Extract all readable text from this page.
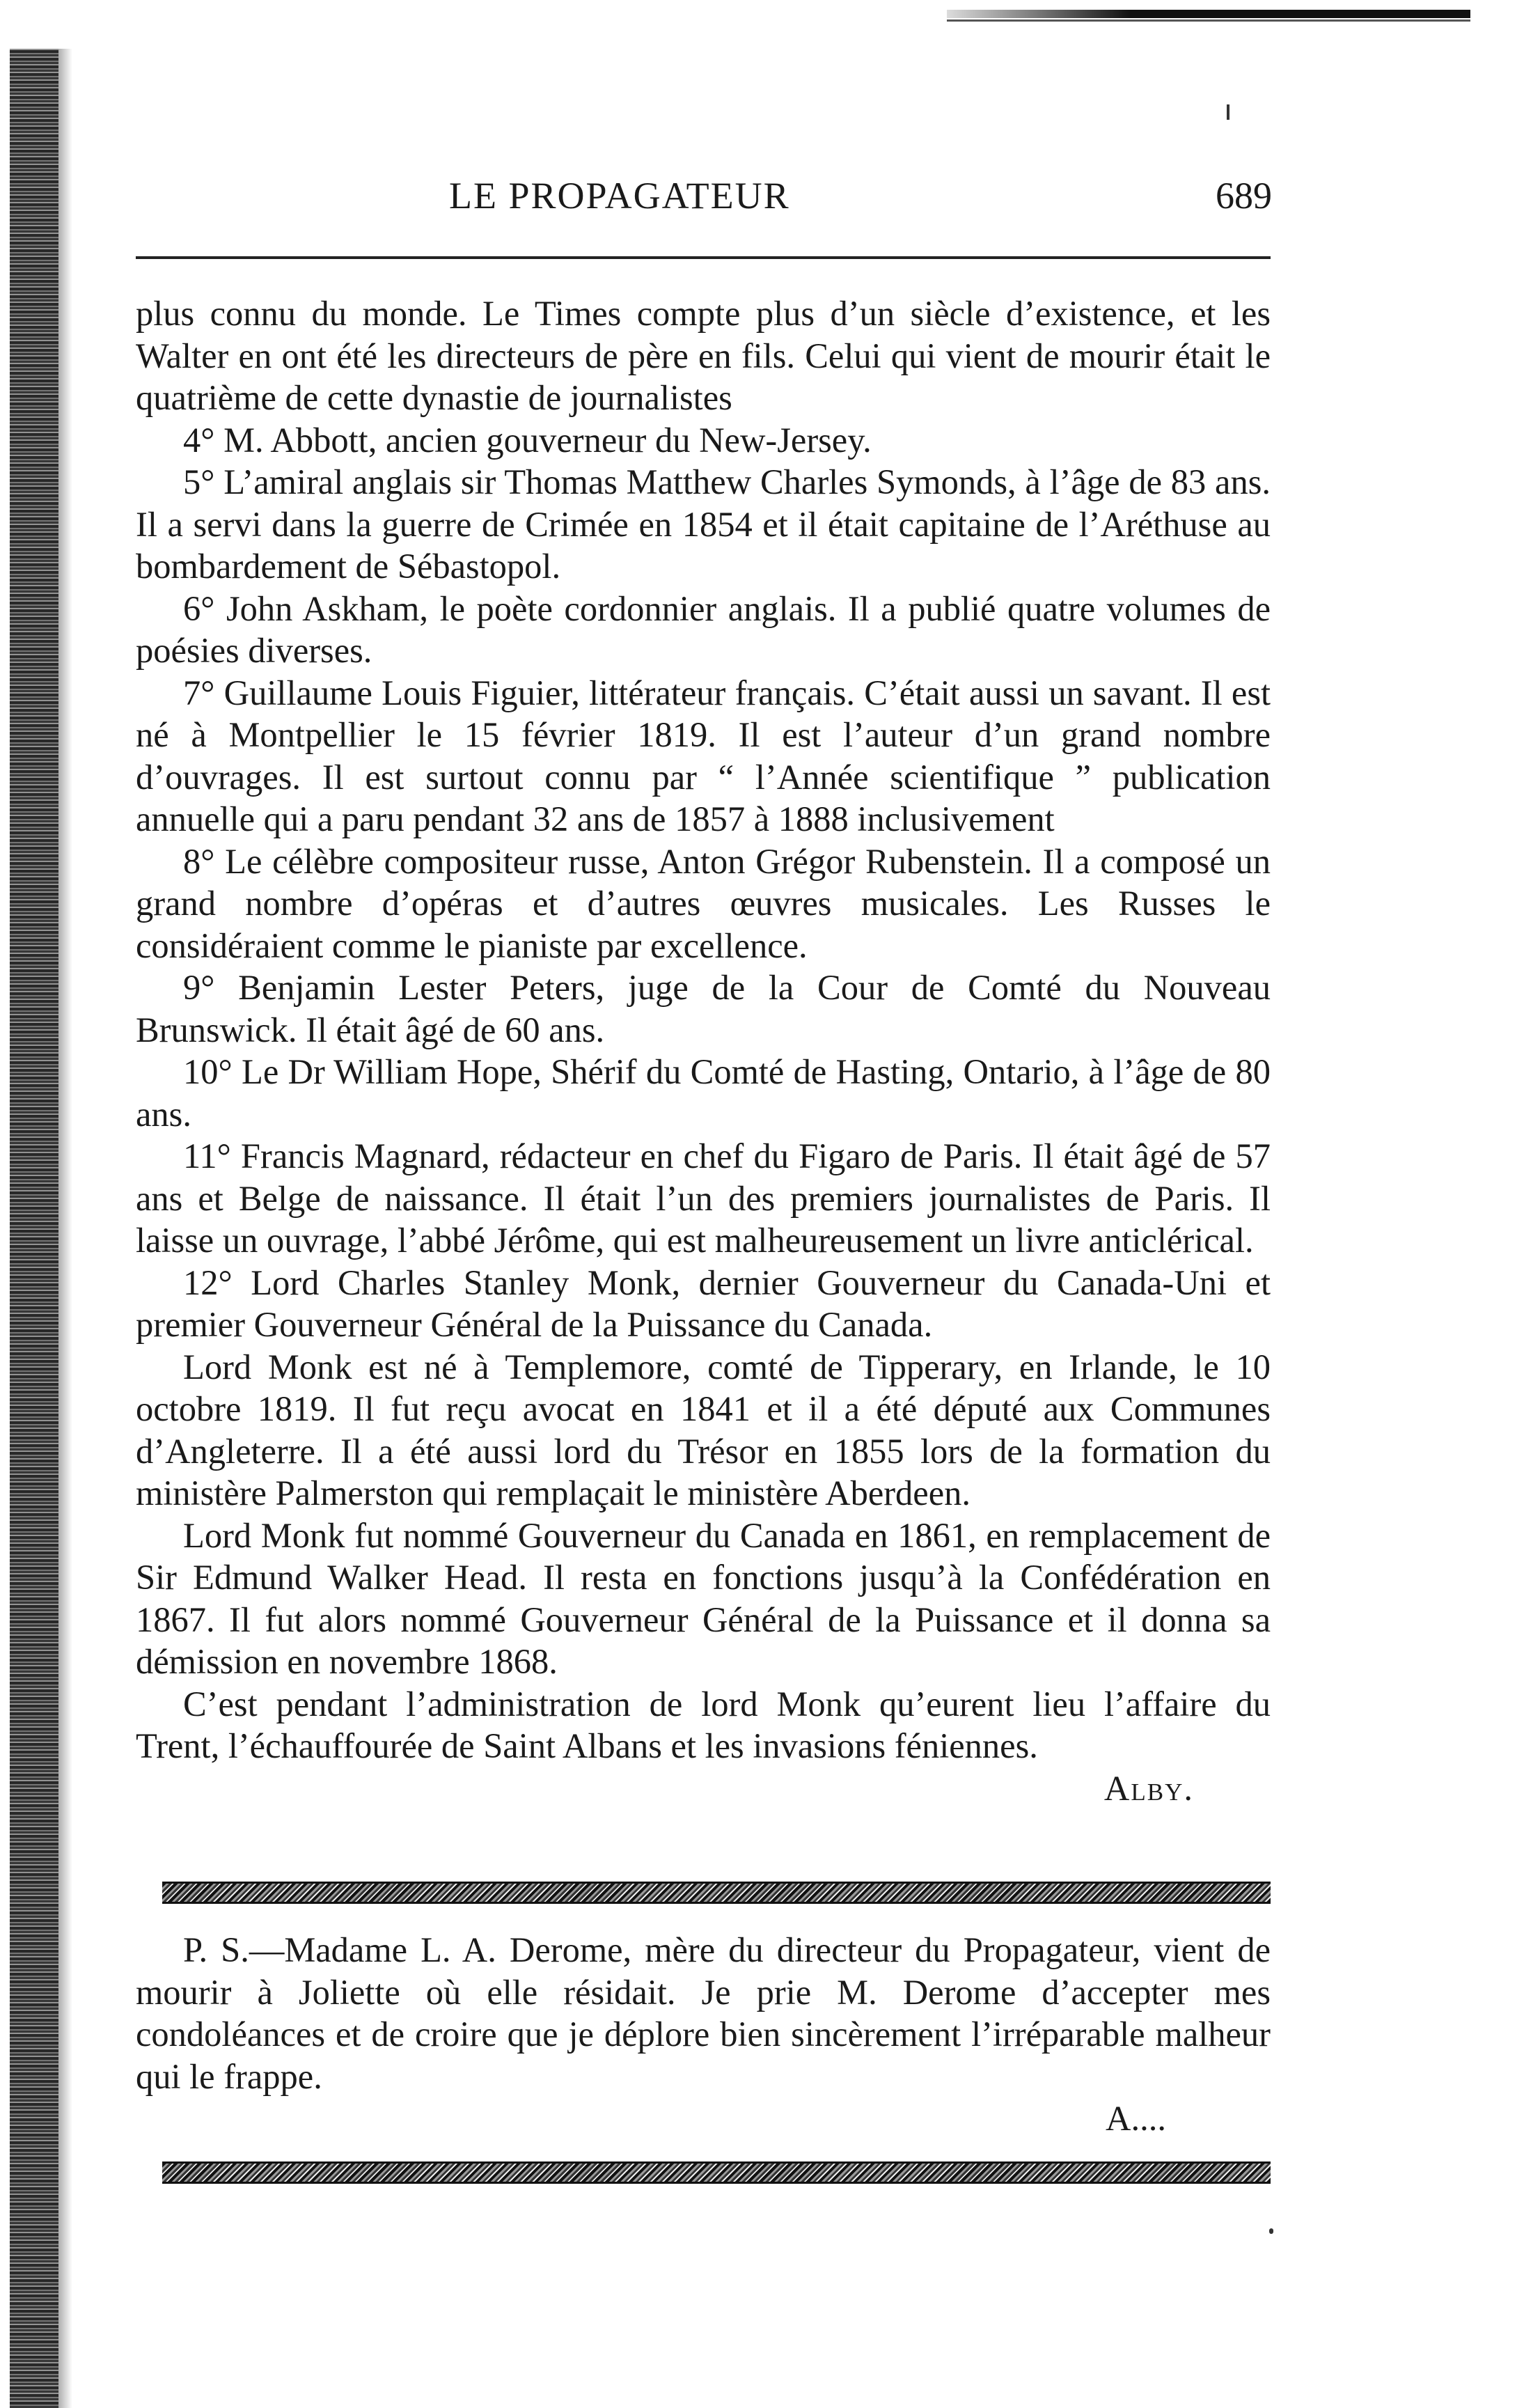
LE PROPAGATEUR	689

plus connu du monde. Le Times compte plus d’un siècle d’existence, et les Walter en ont été les directeurs de père en fils. Celui qui vient de mourir était le quatrième de cette dynastie de journalistes

4° M. Abbott, ancien gouverneur du New-Jersey.

5° L’amiral anglais sir Thomas Matthew Charles Symonds, à l’âge de 83 ans. Il a servi dans la guerre de Crimée en 1854 et il était capitaine de l’Aréthuse au bombardement de Sébastopol.

6° John Askham, le poète cordonnier anglais. Il a publié quatre volumes de poésies diverses.

7° Guillaume Louis Figuier, littérateur français. C’était aussi un savant. Il est né à Montpellier le 15 février 1819. Il est l’auteur d’un grand nombre d’ouvrages. Il est surtout connu par “ l’Année scientifique ” publication annuelle qui a paru pendant 32 ans de 1857 à 1888 inclusivement

8° Le célèbre compositeur russe, Anton Grégor Rubenstein. Il a composé un grand nombre d’opéras et d’autres œuvres musicales. Les Russes le considéraient comme le pianiste par excellence.

9° Benjamin Lester Peters, juge de la Cour de Comté du Nouveau Brunswick. Il était âgé de 60 ans.

10° Le Dr William Hope, Shérif du Comté de Hasting, Ontario, à l’âge de 80 ans.

11° Francis Magnard, rédacteur en chef du Figaro de Paris. Il était âgé de 57 ans et Belge de naissance. Il était l’un des premiers journalistes de Paris. Il laisse un ouvrage, l’abbé Jérôme, qui est malheureusement un livre anticlérical.

12° Lord Charles Stanley Monk, dernier Gouverneur du Canada-Uni et premier Gouverneur Général de la Puissance du Canada.

Lord Monk est né à Templemore, comté de Tipperary, en Irlande, le 10 octobre 1819. Il fut reçu avocat en 1841 et il a été député aux Communes d’Angleterre. Il a été aussi lord du Trésor en 1855 lors de la formation du ministère Palmerston qui remplaçait le ministère Aberdeen.

Lord Monk fut nommé Gouverneur du Canada en 1861, en remplacement de Sir Edmund Walker Head. Il resta en fonctions jusqu’à la Confédération en 1867. Il fut alors nommé Gouverneur Général de la Puissance et il donna sa démission en novembre 1868.

C’est pendant l’administration de lord Monk qu’eurent lieu l’affaire du Trent, l’échauffourée de Saint Albans et les invasions féniennes.

Alby.

P. S.—Madame L. A. Derome, mère du directeur du Propagateur, vient de mourir à Joliette où elle résidait. Je prie M. Derome d’accepter mes condoléances et de croire que je déplore bien sincèrement l’irréparable malheur qui le frappe.

A....
